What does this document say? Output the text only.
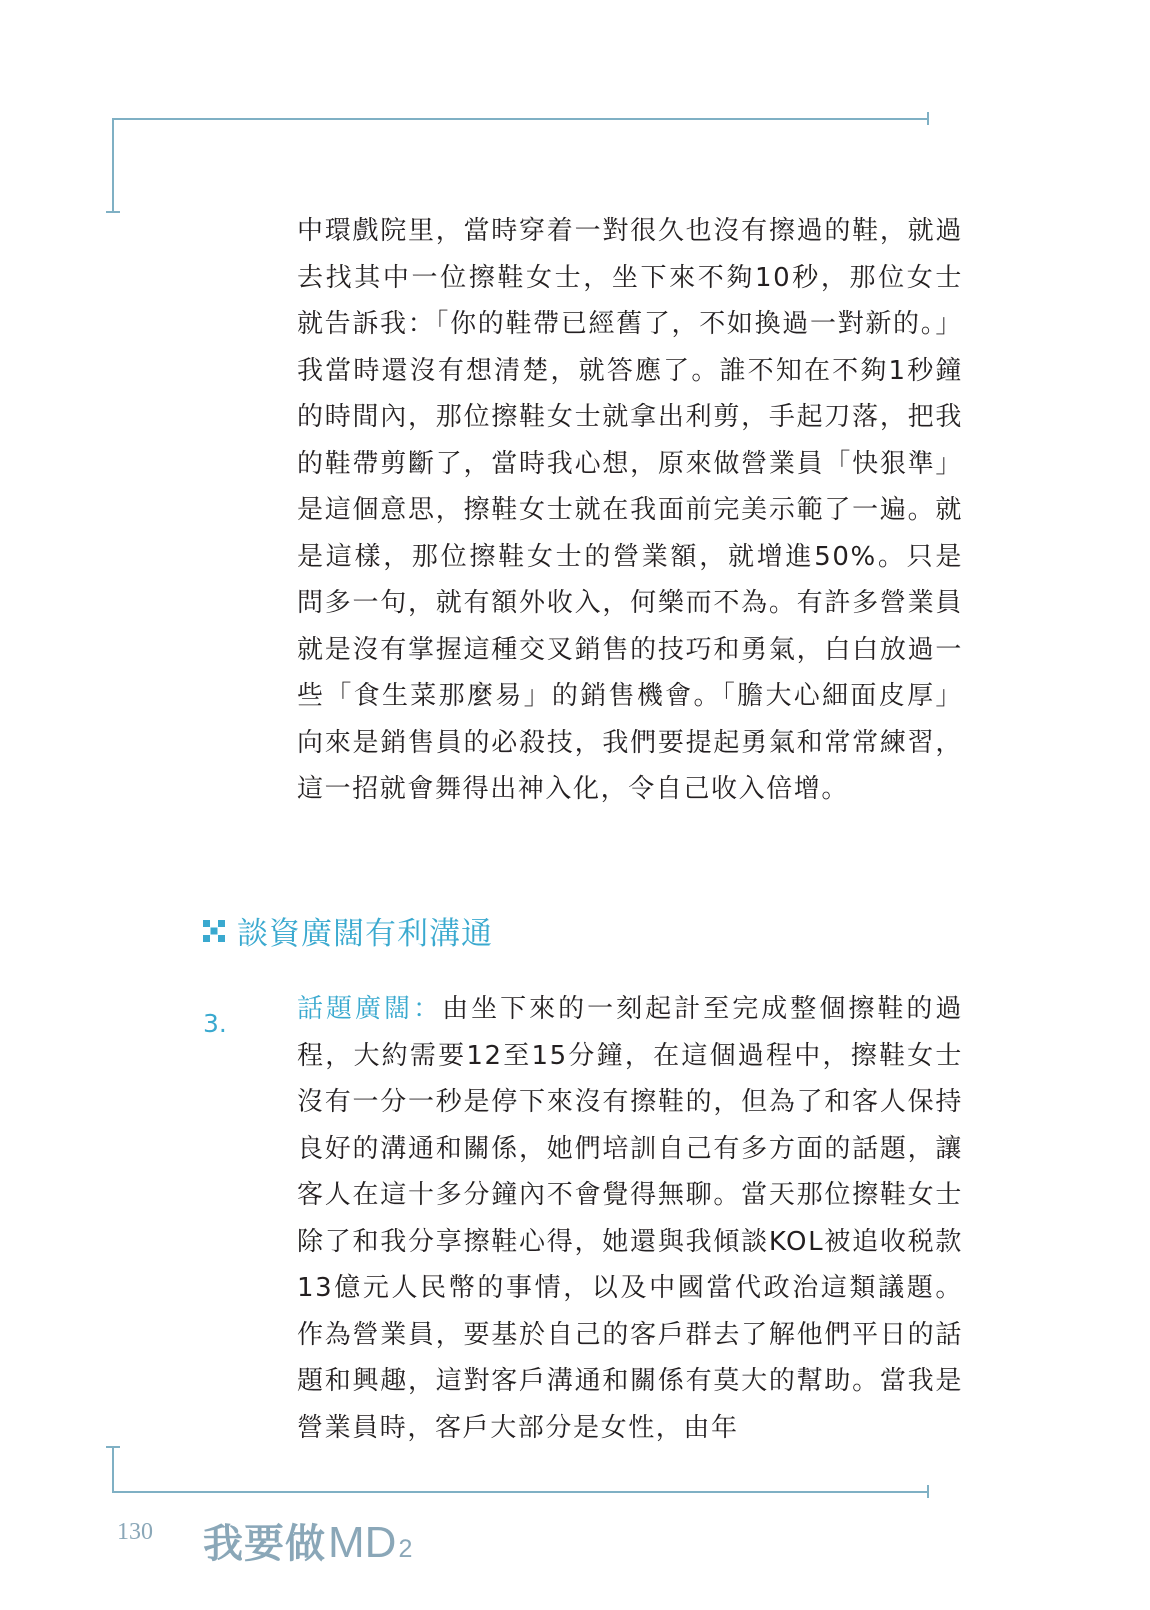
中環戲院里，當時穿着一對很久也沒有擦過的鞋，就過去找其中一位擦鞋女士，坐下來不夠10秒，那位女士就告訴我：「你的鞋帶已經舊了，不如換過一對新的。」我當時還沒有想清楚，就答應了。誰不知在不夠1秒鐘的時間內，那位擦鞋女士就拿出利剪，手起刀落，把我的鞋帶剪斷了，當時我心想，原來做營業員「快狠準」是這個意思，擦鞋女士就在我面前完美示範了一遍。就是這樣，那位擦鞋女士的營業額，就增進50%。只是問多一句，就有額外收入，何樂而不為。有許多營業員就是沒有掌握這種交叉銷售的技巧和勇氣，白白放過一些「食生菜那麼易」的銷售機會。「膽大心細面皮厚」向來是銷售員的必殺技，我們要提起勇氣和常常練習，這一招就會舞得出神入化，令自己收入倍增。
談資廣闊有利溝通
3.	話題廣闊：由坐下來的一刻起計至完成整個擦鞋的過程，大約需要12至15分鐘，在這個過程中，擦鞋女士沒有一分一秒是停下來沒有擦鞋的，但為了和客人保持良好的溝通和關係，她們培訓自己有多方面的話題，讓客人在這十多分鐘內不會覺得無聊。當天那位擦鞋女士除了和我分享擦鞋心得，她還與我傾談KOL被追收税款13億元人民幣的事情，以及中國當代政治這類議題。作為營業員，要基於自己的客戶群去了解他們平日的話題和興趣，這對客戶溝通和關係有莫大的幫助。當我是營業員時，客戶大部分是女性，由年
130 我要做 MD 2
